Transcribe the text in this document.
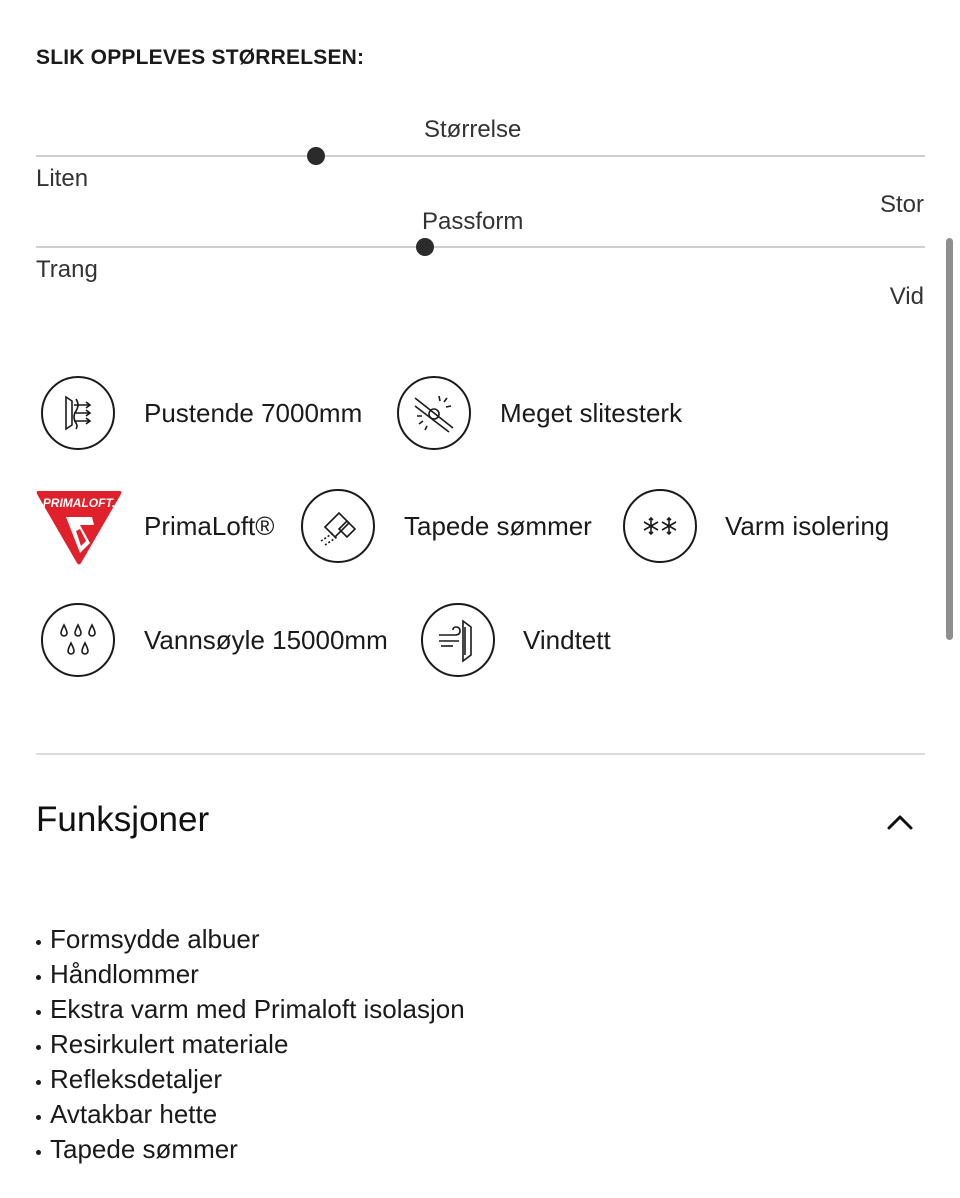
SLIK OPPLEVES STØRRELSEN:
Størrelse
Liten
Stor
Passform
Trang
Vid
Pustende 7000mm	Meget slitesterk
PRIMALOFT.
PrimaLoft®	Tapede sømmer	Varm isolering
Vannsøyle 15000mm	Vindtett
Funksjoner
Formsydde albuer
Håndlommer
Ekstra varm med Primaloft isolasjon
Resirkulert materiale
Refleksdetaljer
Avtakbar hette
Tapede sømmer
